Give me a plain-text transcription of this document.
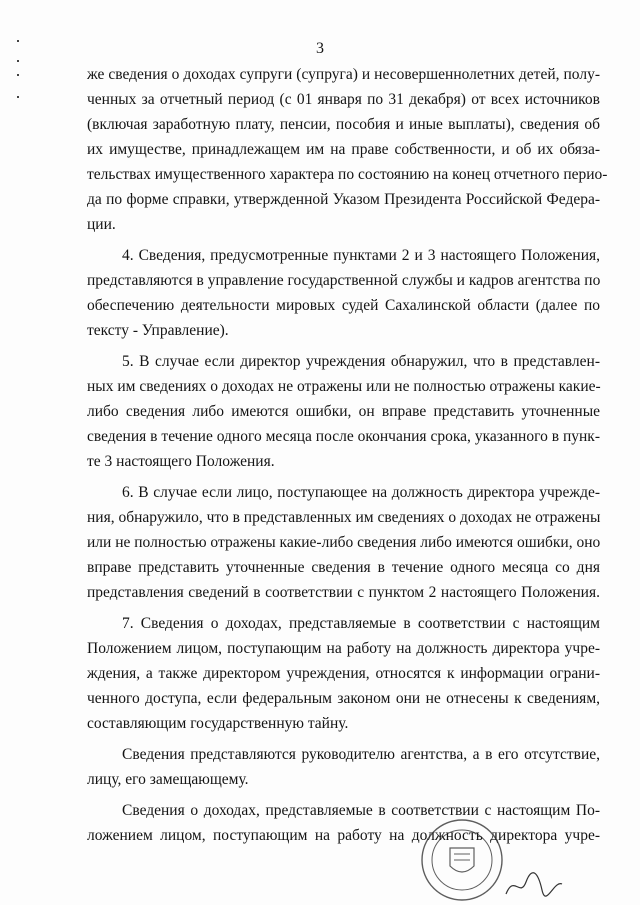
3
же сведения о доходах супруги (супруга) и несовершеннолетних детей, полу-
ченных за отчетный период (с 01 января по 31 декабря) от всех источников
(включая заработную плату, пенсии, пособия и иные выплаты), сведения об
их имуществе, принадлежащем им на праве собственности, и об их обяза-
тельствах имущественного характера по состоянию на конец отчетного перио-
да по форме справки, утвержденной Указом Президента Российской Федера-
ции.
4. Сведения, предусмотренные пунктами 2 и 3 настоящего Положения,
представляются в управление государственной службы и кадров агентства по
обеспечению деятельности мировых судей Сахалинской области (далее по
тексту - Управление).
5. В случае если директор учреждения обнаружил, что в представлен-
ных им сведениях о доходах не отражены или не полностью отражены какие-
либо сведения либо имеются ошибки, он вправе представить уточненные
сведения в течение одного месяца после окончания срока, указанного в пунк-
те 3 настоящего Положения.
6. В случае если лицо, поступающее на должность директора учрежде-
ния, обнаружило, что в представленных им сведениях о доходах не отражены
или не полностью отражены какие-либо сведения либо имеются ошибки, оно
вправе представить уточненные сведения в течение одного месяца со дня
представления сведений в соответствии с пунктом 2 настоящего Положения.
7. Сведения о доходах, представляемые в соответствии с настоящим
Положением лицом, поступающим на работу на должность директора учре-
ждения, а также директором учреждения, относятся к информации ограни-
ченного доступа, если федеральным законом они не отнесены к сведениям,
составляющим государственную тайну.
Сведения представляются руководителю агентства, а в его отсутствие,
лицу, его замещающему.
Сведения о доходах, представляемые в соответствии с настоящим По-
ложением лицом, поступающим на работу на должность директора учре-
